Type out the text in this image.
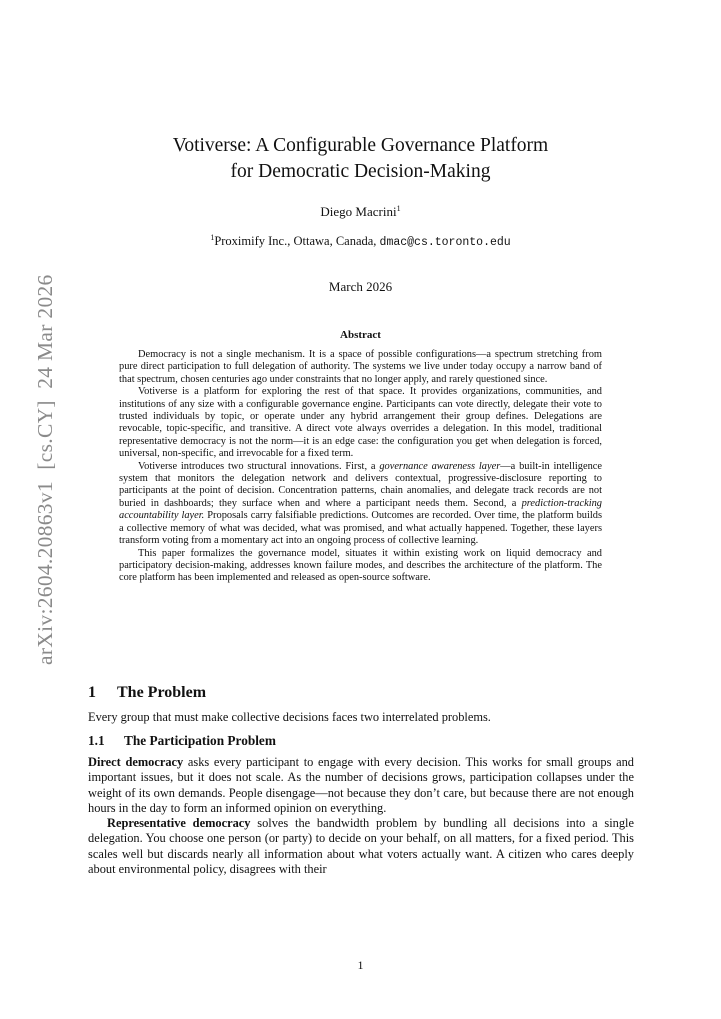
arXiv:2604.20863v1  [cs.CY]  24 Mar 2026
Votiverse: A Configurable Governance Platform
for Democratic Decision-Making
Diego Macrini$^1$
$^1$Proximify Inc., Ottawa, Canada, dmac@cs.toronto.edu
March 2026
Abstract

Democracy is not a single mechanism. It is a space of possible configurations—a spectrum stretching from pure direct participation to full delegation of authority. The systems we live under today occupy a narrow band of that spectrum, chosen centuries ago under constraints that no longer apply, and rarely questioned since.

Votiverse is a platform for exploring the rest of that space. It provides organizations, communities, and institutions of any size with a configurable governance engine. Participants can vote directly, delegate their vote to trusted individuals by topic, or operate under any hybrid arrangement their group defines. Delegations are revocable, topic-specific, and transitive. A direct vote always overrides a delegation. In this model, traditional representative democracy is not the norm—it is an edge case: the configuration you get when delegation is forced, universal, non-specific, and irrevocable for a fixed term.

Votiverse introduces two structural innovations. First, a governance awareness layer—a built-in intelligence system that monitors the delegation network and delivers contextual, progressive-disclosure reporting to participants at the point of decision. Concentration patterns, chain anomalies, and delegate track records are not buried in dashboards; they surface when and where a participant needs them. Second, a prediction-tracking accountability layer. Proposals carry falsifiable predictions. Outcomes are recorded. Over time, the platform builds a collective memory of what was decided, what was promised, and what actually happened. Together, these layers transform voting from a momentary act into an ongoing process of collective learning.

This paper formalizes the governance model, situates it within existing work on liquid democracy and participatory decision-making, addresses known failure modes, and describes the architecture of the platform. The core platform has been implemented and released as open-source software.

1 The Problem
Every group that must make collective decisions faces two interrelated problems.
1.1 The Participation Problem

Direct democracy asks every participant to engage with every decision. This works for small groups and important issues, but it does not scale. As the number of decisions grows, participation collapses under the weight of its own demands. People disengage—not because they don’t care, but because there are not enough hours in the day to form an informed opinion on everything.

Representative democracy solves the bandwidth problem by bundling all decisions into a single delegation. You choose one person (or party) to decide on your behalf, on all matters, for a fixed period. This scales well but discards nearly all information about what voters actually want. A citizen who cares deeply about environmental policy, disagrees with their

1
